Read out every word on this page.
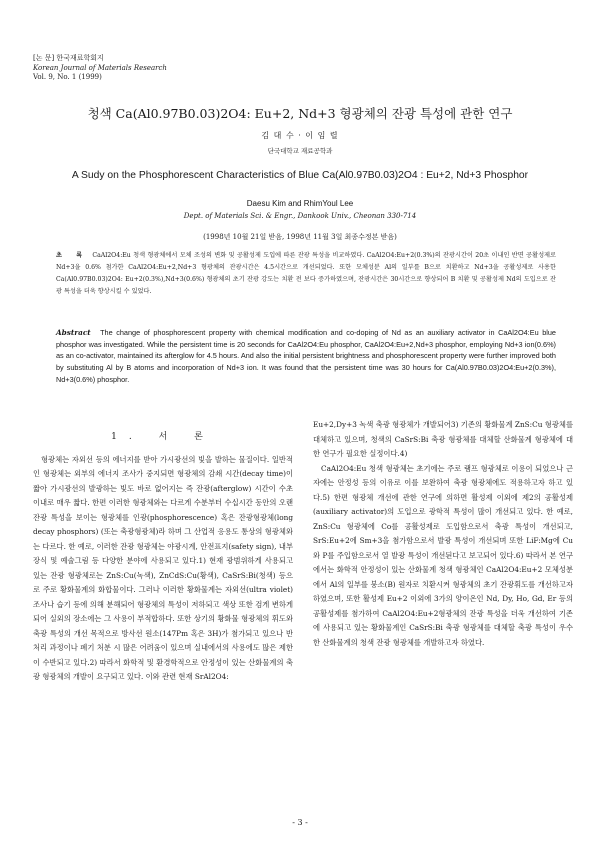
[논 문] 한국재료학회지
Korean Journal of Materials Research
Vol. 9, No. 1 (1999)
청색 Ca(Al0.97B0.03)2O4: Eu+2, Nd+3 형광체의 잔광 특성에 관한 연구
김 대 수 · 이 임 렬
단국대학교 재료공학과
A Sudy on the Phosphorescent Characteristics of Blue Ca(Al0.97B0.03)2O4 : Eu+2, Nd+3 Phosphor
Daesu Kim and RhimYoul Lee
Dept. of Materials Sci. & Engr., Dankook Univ., Cheonan 330-714
(1998년 10월 21일 받음, 1998년 11월 3일 최종수정본 받음)
초 록 CaAl2O4:Eu 청색 형광체에서 모체 조성의 변화 및 공활성제 도입에 따른 잔광 특성을 비교하였다. CaAl2O4:Eu+2(0.3%)의 잔광시간이 20초 이내인 반면 공활성제로 Nd+3을 0.6% 첨가한 CaAl2O4:Eu+2,Nd+3 형광체의 잔광시간은 4.5시간으로 개선되었다. 또한 모체성분 Al의 일부를 B으로 치환하고 Nd+3을 공활성제로 사용한 Ca(Al0.97B0.03)2O4: Eu+2(0.3%),Nd+3(0.6%) 형광체의 초기 잔광 강도는 치환 전 보다 증가하였으며, 잔광시간은 30시간으로 향상되어 B 치환 및 공활성제 Nd의 도입으로 잔광 특성을 더욱 향상시킬 수 있었다.
Abstract The change of phosphorescent property with chemical modification and co-doping of Nd as an auxiliary activator in CaAl2O4:Eu blue phosphor was investigated. While the persistent time is 20 seconds for CaAl2O4:Eu phosphor, CaAl2O4:Eu+2,Nd+3 phosphor, employing Nd+3 ion(0.6%) as an co-activator, maintained its afterglow for 4.5 hours. And also the initial persistent brightness and phosphorescent property were further improved both by substituting Al by B atoms and incorporation of Nd+3 ion. It was found that the persistent time was 30 hours for Ca(Al0.97B0.03)2O4:Eu+2(0.3%), Nd+3(0.6%) phosphor.
1. 서 론

형광체는 자외선 등의 에너지를 받아 가시광선의 빛을 발하는 물질이다. 일반적인 형광체는 외부의 에너지 조사가 중지되면 형광체의 감쇄 시간(decay time)이 짧아 가시광선의 발광하는 빛도 바로 없어지는 즉 잔광(afterglow) 시간이 수초 이내로 매우 짧다. 한편 이러한 형광체와는 다르게 수분부터 수십시간 동안의 오랜 잔광 특성을 보이는 형광체를 인광(phosphorescence) 혹은 잔광형광체(long decay phosphors) (또는 축광형광체)라 하며 그 산업적 응용도 통상의 형광체와는 다르다. 한 예로, 이러한 잔광 형광체는 야광시계, 안전표지(safety sign), 내부장식 및 예술그림 등 다양한 분야에 사용되고 있다.1) 현재 광범위하게 사용되고 있는 잔광 형광체로는 ZnS:Cu(녹색), ZnCdS:Cu(황색), CaSrS:Bi(청색) 등으로 주로 황화물계의 화합물이다. 그러나 이러한 황화물계는 자외선(ultra violet) 조사나 습기 등에 의해 분해되어 형광체의 특성이 저하되고 색상 또한 검게 변하게 되어 실외의 장소에는 그 사용이 부적합하다. 또한 상기의 황화물 형광체의 휘도와 축광 특성의 개선 목적으로 방사선 원소(147Pm 혹은 3H)가 첨가되고 있으나 반 처리 과정이나 폐기 처분 시 많은 어려움이 있으며 실내에서의 사용에도 많은 제한이 수반되고 있다.2) 따라서 화학적 및 환경학적으로 안정성이 있는 산화물계의 축광 형광체의 개발이 요구되고 있다. 이와 관련 현재 SrAl2O4:

Eu+2,Dy+3 녹색 축광 형광체가 개발되어3) 기존의 황화물계 ZnS:Cu 형광체를 대체하고 있으며, 청색의 CaSrS:Bi 축광 형광체를 대체할 산화물계 형광체에 대한 연구가 필요한 실정이다.4)

CaAl2O4:Eu 청색 형광체는 초기에는 주로 램프 형광체로 이용이 되었으나 근자에는 안정성 등의 이유로 이를 보완하여 축광 형광체에도 적용하고자 하고 있다.5) 한편 형광체 개선에 관한 연구에 의하면 활성제 이외에 제2의 공활성제(auxiliary activator)의 도입으로 광학적 특성이 많이 개선되고 있다. 한 예로, ZnS:Cu 형광체에 Co를 공활성제로 도입함으로서 축광 특성이 개선되고, SrS:Eu+2에 Sm+3을 첨가함으로서 발광 특성이 개선되며 또한 LiF:Mg에 Cu와 P를 주입함으로서 열 발광 특성이 개선된다고 보고되어 있다.6) 따라서 본 연구에서는 화학적 안정성이 있는 산화물계 청색 형광체인 CaAl2O4:Eu+2 모체성분에서 Al의 일부를 붕소(B) 원자로 치환시켜 형광체의 초기 잔광휘도를 개선하고자 하였으며, 또한 활성제 Eu+2 이외에 3가의 양이온인 Nd, Dy, Ho, Gd, Er 등의 공활성제를 첨가하여 CaAl2O4:Eu+2형광체의 잔광 특성을 더욱 개선하여 기존에 사용되고 있는 황화물계인 CaSrS:Bi 축광 형광체를 대체할 축광 특성이 우수한 산화물계의 청색 잔광 형광체를 개발하고자 하였다.

- 3 -
